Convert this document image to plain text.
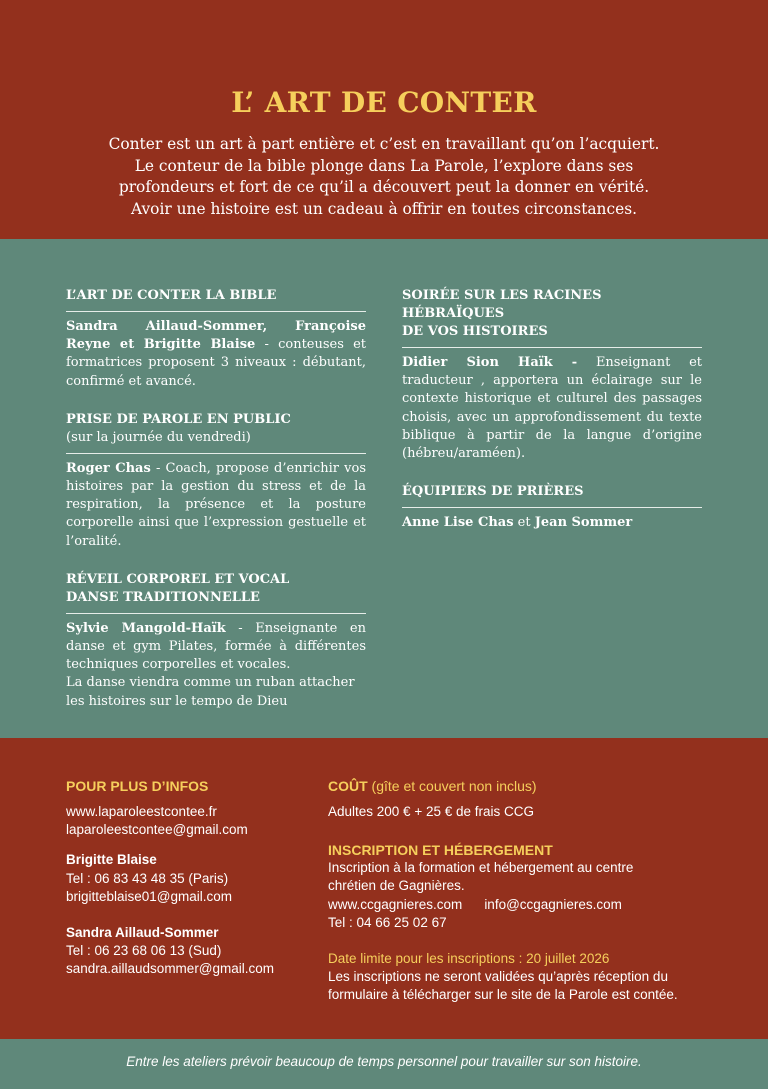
L’ ART DE CONTER
Conter est un art à part entière et c’est en travaillant qu’on l’acquiert.
Le conteur de la bible plonge dans La Parole, l’explore dans ses
profondeurs et fort de ce qu’il a découvert peut la donner en vérité.
Avoir une histoire est un cadeau à offrir en toutes circonstances.
L’ART DE CONTER LA BIBLE
Sandra Aillaud-Sommer, Françoise Reyne et Brigitte Blaise - conteuses et formatrices proposent 3 niveaux : débutant, confirmé et avancé.
PRISE DE PAROLE EN PUBLIC
(sur la journée du vendredi)
Roger Chas - Coach, propose d’enrichir vos histoires par la gestion du stress et de la respiration, la présence et la posture corporelle ainsi que l’expression gestuelle et l’oralité.
RÉVEIL CORPOREL ET VOCAL
DANSE TRADITIONNELLE
Sylvie Mangold-Haïk - Enseignante en danse et gym Pilates, formée à différentes techniques corporelles et vocales.
La danse viendra comme un ruban attacher les histoires sur le tempo de Dieu
SOIRÉE SUR LES RACINES HÉBRAÏQUES
DE VOS HISTOIRES
Didier Sion Haïk - Enseignant et traducteur , apportera un éclairage sur le contexte historique et culturel des passages choisis, avec un approfondissement du texte biblique à partir de la langue d’origine (hébreu/araméen).
ÉQUIPIERS DE PRIÈRES
Anne Lise Chas et Jean Sommer
POUR PLUS D’INFOS
www.laparoleestcontee.fr
laparoleestcontee@gmail.com
Brigitte Blaise
Tel : 06 83 43 48 35 (Paris)
brigitteblaise01@gmail.com
Sandra Aillaud-Sommer
Tel : 06 23 68 06 13 (Sud)
sandra.aillaudsommer@gmail.com
COÛT (gîte et couvert non inclus)
Adultes 200 € + 25 € de frais CCG
INSCRIPTION ET HÉBERGEMENT
Inscription à la formation et hébergement au centre
chrétien de Gagnières.
www.ccgagnieres.com info@ccgagnieres.com
Tel : 04 66 25 02 67
Date limite pour les inscriptions : 20 juillet 2026
Les inscriptions ne seront validées qu’après réception du
formulaire à télécharger sur le site de la Parole est contée.

Entre les ateliers prévoir beaucoup de temps personnel pour travailler sur son histoire.
